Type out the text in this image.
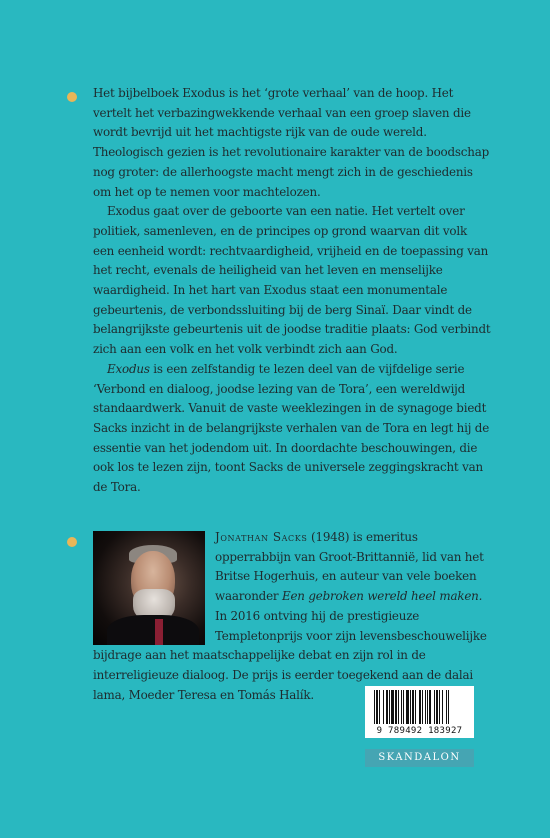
Het bijbelboek Exodus is het ‘grote verhaal’ van de hoop. Het vertelt het verbazingwekkende verhaal van een groep slaven die wordt bevrijd uit het machtigste rijk van de oude wereld. Theologisch gezien is het revolutionaire karakter van de boodschap nog groter: de allerhoogste macht mengt zich in de geschiedenis om het op te nemen voor machtelozen.

Exodus gaat over de geboorte van een natie. Het vertelt over politiek, samenleven, en de principes op grond waarvan dit volk een eenheid wordt: rechtvaardigheid, vrijheid en de toepassing van het recht, evenals de heiligheid van het leven en menselijke waardigheid. In het hart van Exodus staat een monumentale gebeurtenis, de verbondssluiting bij de berg Sinaï. Daar vindt de belangrijkste gebeurtenis uit de joodse traditie plaats: God verbindt zich aan een volk en het volk verbindt zich aan God.

Exodus is een zelfstandig te lezen deel van de vijfdelige serie ‘Verbond en dialoog, joodse lezing van de Tora’, een wereldwijd standaardwerk. Vanuit de vaste weeklezingen in de synagoge biedt Sacks inzicht in de belangrijkste verhalen van de Tora en legt hij de essentie van het jodendom uit. In doordachte beschouwingen, die ook los te lezen zijn, toont Sacks de universele zeggingskracht van de Tora.

Jonathan Sacks (1948) is emeritus opperrabbijn van Groot-Brittannië, lid van het Britse Hogerhuis, en auteur van vele boeken waaronder Een gebroken wereld heel maken. In 2016 ontving hij de prestigieuze Templetonprijs voor zijn levensbeschouwelijke bijdrage aan het maatschappelijke debat en zijn rol in de interreligieuze dialoog. De prijs is eerder toegekend aan de dalai lama, Moeder Teresa en Tomás Halík.

9 789492 183927
SKANDALON
